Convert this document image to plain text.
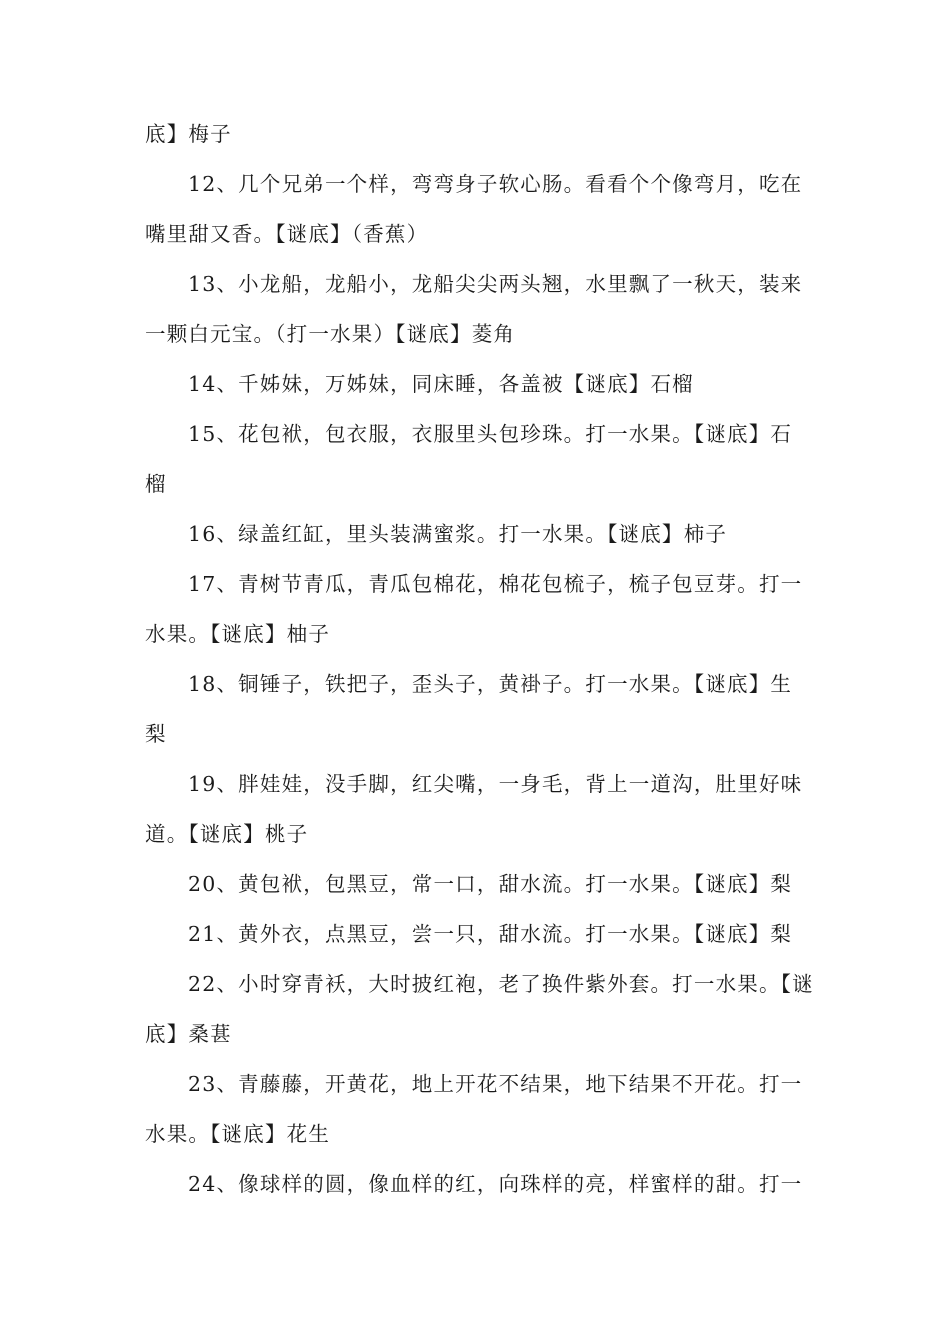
底】梅子
12、几个兄弟一个样，弯弯身子软心肠。看看个个像弯月，吃在
嘴里甜又香。【谜底】（香蕉）
13、小龙船，龙船小，龙船尖尖两头翘，水里飘了一秋天，装来
一颗白元宝。（打一水果）【谜底】菱角
14、千姊妹，万姊妹，同床睡，各盖被【谜底】石榴
15、花包袱，包衣服，衣服里头包珍珠。打一水果。【谜底】石
榴
16、绿盖红缸，里头装满蜜浆。打一水果。【谜底】柿子
17、青树节青瓜，青瓜包棉花，棉花包梳子，梳子包豆芽。打一
水果。【谜底】柚子
18、铜锤子，铁把子，歪头子，黄褂子。打一水果。【谜底】生
梨
19、胖娃娃，没手脚，红尖嘴，一身毛，背上一道沟，肚里好味
道。【谜底】桃子
20、黄包袱，包黑豆，常一口，甜水流。打一水果。【谜底】梨
21、黄外衣，点黑豆，尝一只，甜水流。打一水果。【谜底】梨
22、小时穿青袄，大时披红袍，老了换件紫外套。打一水果。【谜
底】桑葚
23、青藤藤，开黄花，地上开花不结果，地下结果不开花。打一
水果。【谜底】花生
24、像球样的圆，像血样的红，向珠样的亮，样蜜样的甜。打一
